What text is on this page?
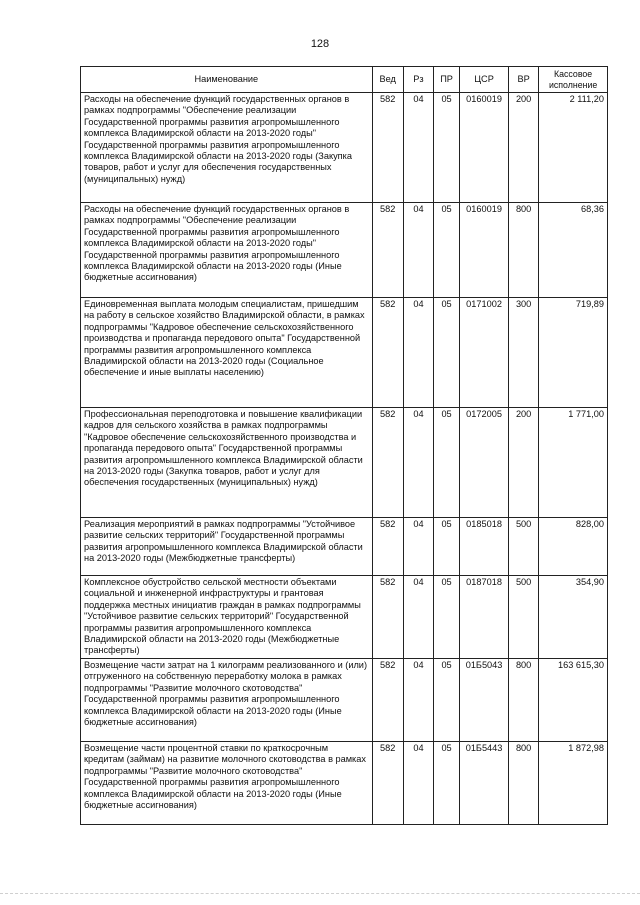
128
Наименование	Вед	Рз	ПР	ЦСР	ВР	Кассовое исполнение
Расходы на обеспечение функций государственных органов в рамках подпрограммы "Обеспечение реализации Государственной программы развития агропромышленного комплекса Владимирской области на 2013-2020 годы" Государственной программы развития агропромышленного комплекса Владимирской области на 2013-2020 годы (Закупка товаров, работ и услуг для обеспечения государственных (муниципальных) нужд)	582	04	05	0160019	200	2 111,20
Расходы на обеспечение функций государственных органов в рамках подпрограммы "Обеспечение реализации Государственной программы развития агропромышленного комплекса Владимирской области на 2013-2020 годы" Государственной программы развития агропромышленного комплекса Владимирской области на 2013-2020 годы (Иные бюджетные ассигнования)	582	04	05	0160019	800	68,36
Единовременная выплата молодым специалистам, пришедшим на работу в сельское хозяйство Владимирской области, в рамках подпрограммы "Кадровое обеспечение сельскохозяйственного производства и пропаганда передового опыта" Государственной программы развития агропромышленного комплекса Владимирской области на 2013-2020 годы (Социальное обеспечение и иные выплаты населению)	582	04	05	0171002	300	719,89
Профессиональная переподготовка и повышение квалификации кадров для сельского хозяйства в рамках подпрограммы "Кадровое обеспечение сельскохозяйственного производства и пропаганда передового опыта" Государственной программы развития агропромышленного комплекса Владимирской области на 2013-2020 годы (Закупка товаров, работ и услуг для обеспечения государственных (муниципальных) нужд)	582	04	05	0172005	200	1 771,00
Реализация мероприятий в рамках подпрограммы "Устойчивое развитие сельских территорий" Государственной программы развития агропромышленного комплекса Владимирской области на 2013-2020 годы (Межбюджетные трансферты)	582	04	05	0185018	500	828,00
Комплексное обустройство сельской местности объектами социальной и инженерной инфраструктуры и грантовая поддержка местных инициатив граждан в рамках подпрограммы "Устойчивое развитие сельских территорий" Государственной программы развития агропромышленного комплекса Владимирской области на 2013-2020 годы (Межбюджетные трансферты)	582	04	05	0187018	500	354,90
Возмещение части затрат на 1 килограмм реализованного и (или) отгруженного на собственную переработку молока в рамках подпрограммы "Развитие молочного скотоводства" Государственной программы развития агропромышленного комплекса Владимирской области на 2013-2020 годы (Иные бюджетные ассигнования)	582	04	05	01Б5043	800	163 615,30
Возмещение части процентной ставки по краткосрочным кредитам (займам) на развитие молочного скотоводства в рамках подпрограммы "Развитие молочного скотоводства" Государственной программы развития агропромышленного комплекса Владимирской области на 2013-2020 годы (Иные бюджетные ассигнования)	582	04	05	01Б5443	800	1 872,98
